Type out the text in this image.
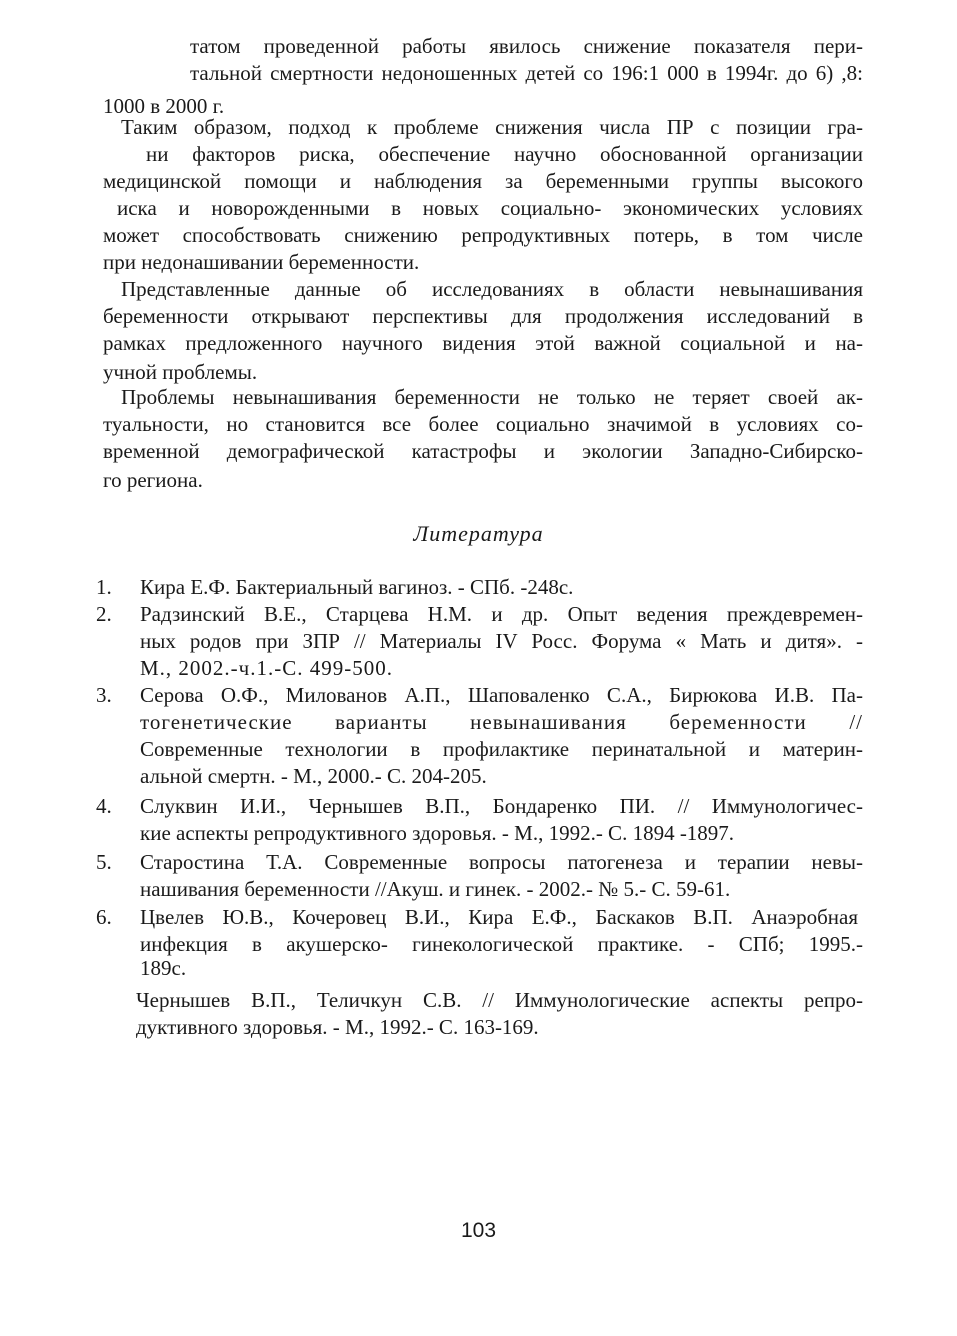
татом проведенной работы явилось снижение показателя пери-
тальной смертности недоношенных детей со 196:1 000 в 1994г. до 6) ,8:
1000 в 2000 г.
Таким образом, подход к проблеме снижения числа ПР с позиции гра-
ни факторов риска, обеспечение научно обоснованной организации
медицинской помощи и наблюдения за беременными группы высокого
иска и новорожденными в новых социально- экономических условиях
может способствовать снижению репродуктивных потерь, в том числе
при недонашивании беременности.
Представленные данные об исследованиях в области невынашивания
беременности открывают перспективы для продолжения исследований в
рамках предложенного научного видения этой важной социальной и на-
учной проблемы.
Проблемы невынашивания беременности не только не теряет своей ак-
туальности, но становится все более социально значимой в условиях со-
временной демографической катастрофы и экологии Западно-Сибирско-
го региона.
Литература
1. Кира Е.Ф. Бактериальный вагиноз. - СПб. -248с.
2. Радзинский В.Е., Старцева Н.М. и др. Опыт ведения преждевремен-
ных родов при ЗПР // Материалы IV Росс. Форума « Мать и дитя». -
М., 2002.-ч.1.-С. 499-500.
3. Серова О.Ф., Милованов А.П., Шаповаленко С.А., Бирюкова И.В. Па-
тогенетические варианты невынашивания беременности //
Современные технологии в профилактике перинатальной и материн-
альной смертн. - М., 2000.- С. 204-205.
4. Слуквин И.И., Чернышев В.П., Бондаренко ПИ. // Иммунологичес-
кие аспекты репродуктивного здоровья. - М., 1992.- С. 1894 -1897.
5. Старостина Т.А. Современные вопросы патогенеза и терапии невы-
нашивания беременности //Акуш. и гинек. - 2002.- № 5.- С. 59-61.
6. Цвелев Ю.В., Кочеровец В.И., Кира Е.Ф., Баскаков В.П. Анаэробная
инфекция в акушерско- гинекологической практике. - СПб; 1995.-
189с.
Чернышев В.П., Теличкун С.В. // Иммунологические аспекты репро-
дуктивного здоровья. - М., 1992.- С. 163-169.
103
